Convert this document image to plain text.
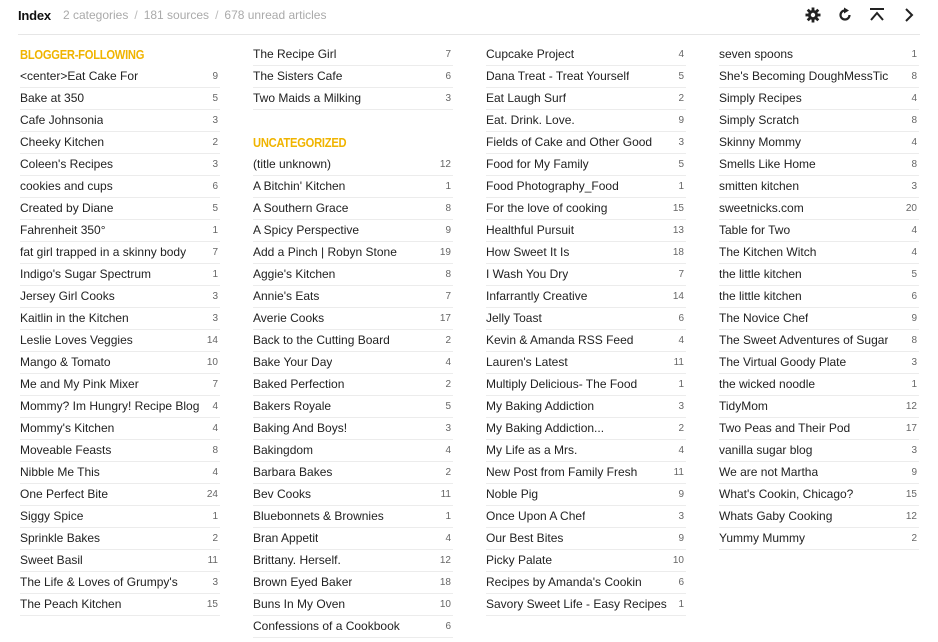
Index 2 categories / 181 sources / 678 unread articles
BLOGGER-FOLLOWING
<center>Eat Cake For	9
Bake at 350	5
Cafe Johnsonia	3
Cheeky Kitchen	2
Coleen's Recipes	3
cookies and cups	6
Created by Diane	5
Fahrenheit 350°	1
fat girl trapped in a skinny body	7
Indigo's Sugar Spectrum	1
Jersey Girl Cooks	3
Kaitlin in the Kitchen	3
Leslie Loves Veggies	14
Mango & Tomato	10
Me and My Pink Mixer	7
Mommy? Im Hungry! Recipe Blog 4
Mommy's Kitchen	4
Moveable Feasts	8
Nibble Me This	4
One Perfect Bite	24
Siggy Spice	1
Sprinkle Bakes	2
Sweet Basil	11
The Life & Loves of Grumpy's	3
The Peach Kitchen	15
The Recipe Girl	7
The Sisters Cafe	6
Two Maids a Milking	3
UNCATEGORIZED
(title unknown)	12
A Bitchin' Kitchen	1
A Southern Grace	8
A Spicy Perspective	9
Add a Pinch | Robyn Stone	19
Aggie's Kitchen	8
Annie's Eats	7
Averie Cooks	17
Back to the Cutting Board	2
Bake Your Day	4
Baked Perfection	2
Bakers Royale	5
Baking And Boys!	3
Bakingdom	4
Barbara Bakes	2
Bev Cooks	11
Bluebonnets & Brownies	1
Bran Appetit	4
Brittany. Herself.	12
Brown Eyed Baker	18
Buns In My Oven	10
Confessions of a Cookbook	6
Cupcake Project	4
Dana Treat - Treat Yourself	5
Eat Laugh Surf	2
Eat. Drink. Love.	9
Fields of Cake and Other Good	3
Food for My Family	5
Food Photography_Food	1
For the love of cooking	15
Healthful Pursuit	13
How Sweet It Is	18
I Wash You Dry	7
Infarrantly Creative	14
Jelly Toast	6
Kevin & Amanda RSS Feed	4
Lauren's Latest	11
Multiply Delicious- The Food	1
My Baking Addiction	3
My Baking Addiction...	2
My Life as a Mrs.	4
New Post from Family Fresh	11
Noble Pig	9
Once Upon A Chef	3
Our Best Bites	9
Picky Palate	10
Recipes by Amanda's Cookin	6
Savory Sweet Life - Easy Recipes 1
seven spoons	1
She's Becoming DoughMessTic 8
Simply Recipes	4
Simply Scratch	8
Skinny Mommy	4
Smells Like Home	8
smitten kitchen	3
sweetnicks.com	20
Table for Two	4
The Kitchen Witch	4
the little kitchen	5
the little kitchen	6
The Novice Chef	9
The Sweet Adventures of Sugar 8
The Virtual Goody Plate	3
the wicked noodle	1
TidyMom	12
Two Peas and Their Pod	17
vanilla sugar blog	3
We are not Martha	9
What's Cookin, Chicago?	15
Whats Gaby Cooking	12
Yummy Mummy	2
